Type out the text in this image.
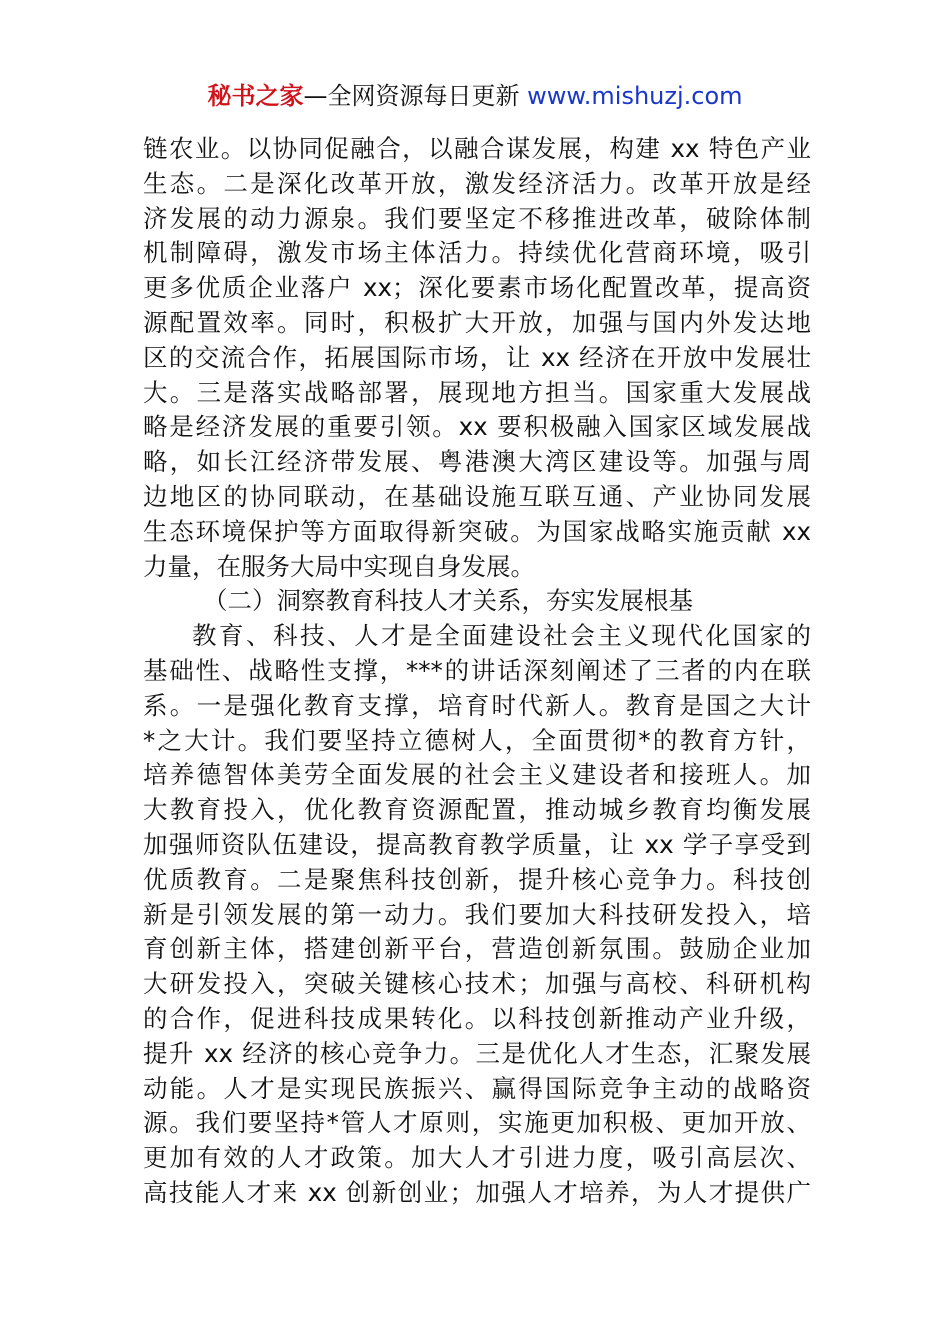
秘书之家—全网资源每日更新 www.mishuzj.com
链农业。以协同促融合，以融合谋发展，构建 xx 特色产业
生态。二是深化改革开放，激发经济活力。改革开放是经
济发展的动力源泉。我们要坚定不移推进改革，破除体制
机制障碍，激发市场主体活力。持续优化营商环境，吸引
更多优质企业落户 xx；深化要素市场化配置改革，提高资
源配置效率。同时，积极扩大开放，加强与国内外发达地
区的交流合作，拓展国际市场，让 xx 经济在开放中发展壮
大。三是落实战略部署，展现地方担当。国家重大发展战
略是经济发展的重要引领。xx 要积极融入国家区域发展战
略，如长江经济带发展、粤港澳大湾区建设等。加强与周
边地区的协同联动，在基础设施互联互通、产业协同发展
生态环境保护等方面取得新突破。为国家战略实施贡献 xx
力量，在服务大局中实现自身发展。
（二）洞察教育科技人才关系，夯实发展根基
教育、科技、人才是全面建设社会主义现代化国家的
基础性、战略性支撑，***的讲话深刻阐述了三者的内在联
系。一是强化教育支撑，培育时代新人。教育是国之大计
*之大计。我们要坚持立德树人，全面贯彻*的教育方针，
培养德智体美劳全面发展的社会主义建设者和接班人。加
大教育投入，优化教育资源配置，推动城乡教育均衡发展
加强师资队伍建设，提高教育教学质量，让 xx 学子享受到
优质教育。二是聚焦科技创新，提升核心竞争力。科技创
新是引领发展的第一动力。我们要加大科技研发投入，培
育创新主体，搭建创新平台，营造创新氛围。鼓励企业加
大研发投入，突破关键核心技术；加强与高校、科研机构
的合作，促进科技成果转化。以科技创新推动产业升级，
提升 xx 经济的核心竞争力。三是优化人才生态，汇聚发展
动能。人才是实现民族振兴、赢得国际竞争主动的战略资
源。我们要坚持*管人才原则，实施更加积极、更加开放、
更加有效的人才政策。加大人才引进力度，吸引高层次、
高技能人才来 xx 创新创业；加强人才培养，为人才提供广
